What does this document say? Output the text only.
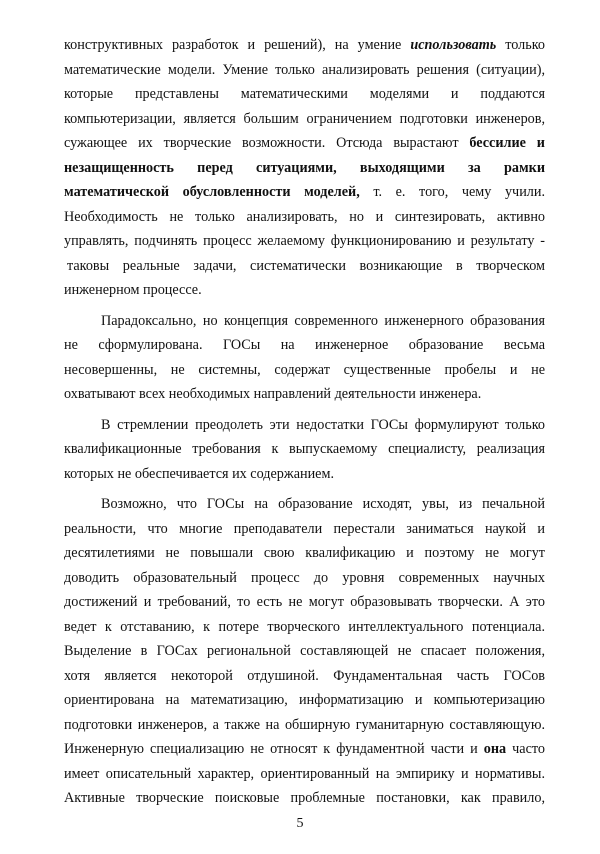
конструктивных разработок и решений), на умение использовать только
математические модели. Умение только анализировать решения (ситуации),
которые представлены математическими моделями и поддаются
компьютеризации, является большим ограничением подготовки инженеров,
сужающее их творческие возможности. Отсюда вырастают бессилие и
незащищенность перед ситуациями, выходящими за рамки
математической обусловленности моделей, т. е. того, чему учили.
Необходимость не только анализировать, но и синтезировать, активно
управлять, подчинять процесс желаемому функционированию и результату -
таковы реальные задачи, систематически возникающие в творческом
инженерном процессе.
Парадоксально, но концепция современного инженерного образования
не сформулирована. ГОСы на инженерное образование весьма
несовершенны, не системны, содержат существенные пробелы и не
охватывают всех необходимых направлений деятельности инженера.
В стремлении преодолеть эти недостатки ГОСы формулируют только
квалификационные требования к выпускаемому специалисту, реализация
которых не обеспечивается их содержанием.
Возможно, что ГОСы на образование исходят, увы, из печальной
реальности, что многие преподаватели перестали заниматься наукой и
десятилетиями не повышали свою квалификацию и поэтому не могут
доводить образовательный процесс до уровня современных научных
достижений и требований, то есть не могут образовывать творчески. А это
ведет к отставанию, к потере творческого интеллектуального потенциала.
Выделение в ГОСах региональной составляющей не спасает положения,
хотя является некоторой отдушиной. Фундаментальная часть ГОСов
ориентирована на математизацию, информатизацию и компьютеризацию
подготовки инженеров, а также на обширную гуманитарную составляющую.
Инженерную специализацию не относят к фундаментной части и она часто
имеет описательный характер, ориентированный на эмпирику и нормативы.
Активные творческие поисковые проблемные постановки, как правило,
5
